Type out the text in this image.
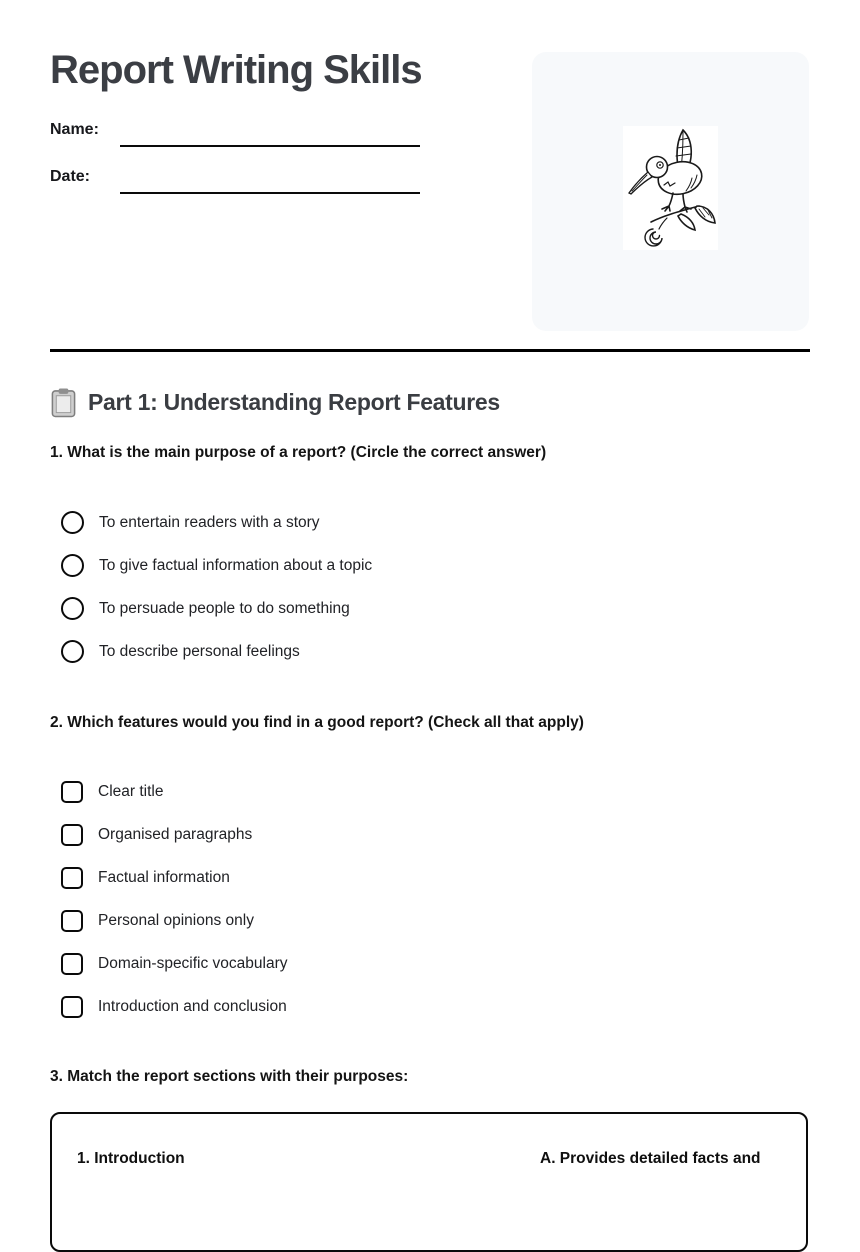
Report Writing Skills
Name:
Date:
Part 1: Understanding Report Features
1. What is the main purpose of a report? (Circle the correct answer)
To entertain readers with a story
To give factual information about a topic
To persuade people to do something
To describe personal feelings
2. Which features would you find in a good report? (Check all that apply)
Clear title
Organised paragraphs
Factual information
Personal opinions only
Domain-specific vocabulary
Introduction and conclusion
3. Match the report sections with their purposes:
1. Introduction	A. Provides detailed facts and
